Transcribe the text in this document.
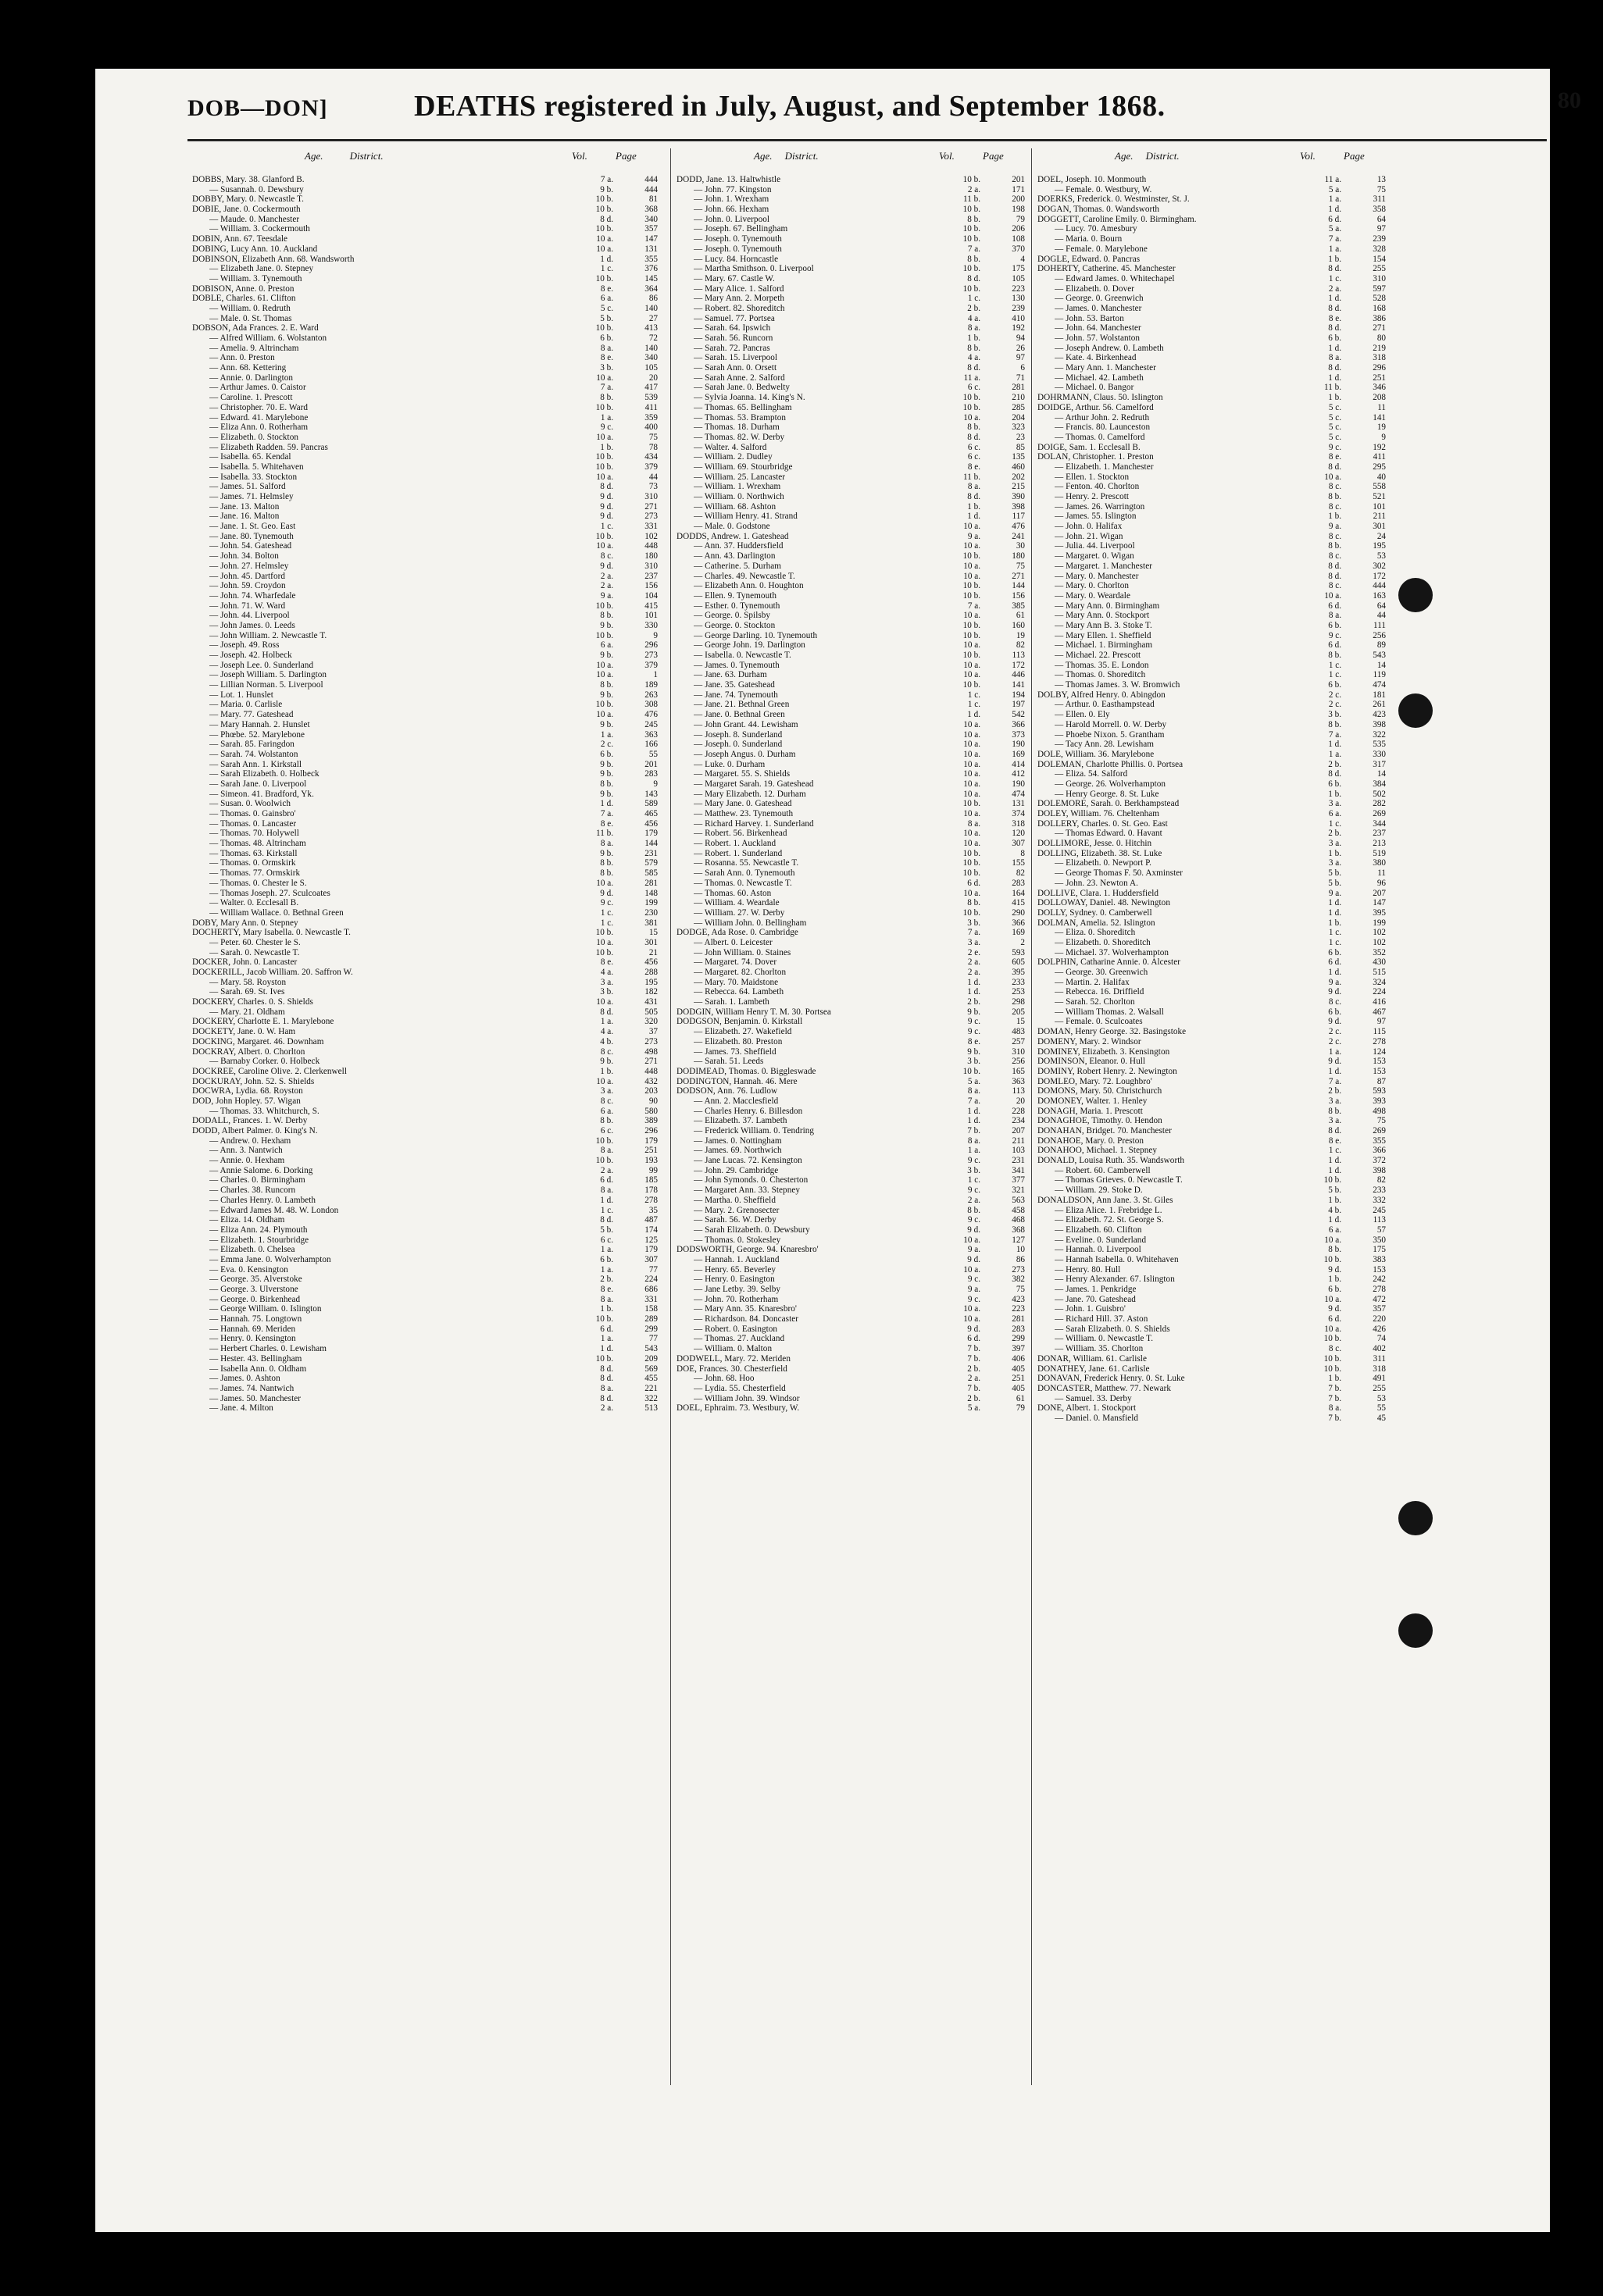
DOB—DON]	DEATHS registered in July, August, and September 1868.	80
Age.	District.	Vol.	Page
DOBBS, Mary. 38. Glanford B.	7 a.	444
— Susannah. 0. Dewsbury	9 b.	444
DOBBY, Mary. 0. Newcastle T.	10 b.	81
DOBIE, Jane. 0. Cockermouth	10 b.	368
— Maude. 0. Manchester	8 d.	340
— William. 3. Cockermouth	10 b.	357
DOBIN, Ann. 67. Teesdale	10 a.	147
DOBING, Lucy Ann. 10. Auckland	10 a.	131
DOBINSON, Elizabeth Ann. 68. Wandsworth	1 d.	355
— Elizabeth Jane. 0. Stepney	1 c.	376
— William. 3. Tynemouth	10 b.	145
DOBISON, Anne. 0. Preston	8 e.	364
DOBLE, Charles. 61. Clifton	6 a.	86
— William. 0. Redruth	5 c.	140
— Male. 0. St. Thomas	5 b.	27
DOBSON, Ada Frances. 2. E. Ward	10 b.	413
— Alfred William. 6. Wolstanton	6 b.	72
— Amelia. 9. Altrincham	8 a.	140
— Ann. 0. Preston	8 e.	340
— Ann. 68. Kettering	3 b.	105
— Annie. 0. Darlington	10 a.	20
— Arthur James. 0. Caistor	7 a.	417
— Caroline. 1. Prescott	8 b.	539
— Christopher. 70. E. Ward	10 b.	411
— Edward. 41. Marylebone	1 a.	359
— Eliza Ann. 0. Rotherham	9 c.	400
— Elizabeth. 0. Stockton	10 a.	75
— Elizabeth Radden. 59. Pancras	1 b.	78
— Isabella. 65. Kendal	10 b.	434
— Isabella. 5. Whitehaven	10 b.	379
— Isabella. 33. Stockton	10 a.	44
— James. 51. Salford	8 d.	73
— James. 71. Helmsley	9 d.	310
— Jane. 13. Malton	9 d.	271
— Jane. 16. Malton	9 d.	273
— Jane. 1. St. Geo. East	1 c.	331
— Jane. 80. Tynemouth	10 b.	102
— John. 54. Gateshead	10 a.	448
— John. 34. Bolton	8 c.	180
— John. 27. Helmsley	9 d.	310
— John. 45. Dartford	2 a.	237
— John. 59. Croydon	2 a.	156
— John. 74. Wharfedale	9 a.	104
— John. 71. W. Ward	10 b.	415
— John. 44. Liverpool	8 b.	101
— John James. 0. Leeds	9 b.	330
— John William. 2. Newcastle T.	10 b.	9
— Joseph. 49. Ross	6 a.	296
— Joseph. 42. Holbeck	9 b.	273
— Joseph Lee. 0. Sunderland	10 a.	379
— Joseph William. 5. Darlington	10 a.	1
— Lillian Norman. 5. Liverpool	8 b.	189
— Lot. 1. Hunslet	9 b.	263
— Maria. 0. Carlisle	10 b.	308
— Mary. 77. Gateshead	10 a.	476
— Mary Hannah. 2. Hunslet	9 b.	245
— Phœbe. 52. Marylebone	1 a.	363
— Sarah. 85. Faringdon	2 c.	166
— Sarah. 74. Wolstanton	6 b.	55
— Sarah Ann. 1. Kirkstall	9 b.	201
— Sarah Elizabeth. 0. Holbeck	9 b.	283
— Sarah Jane. 0. Liverpool	8 b.	9
— Simeon. 41. Bradford, Yk.	9 b.	143
— Susan. 0. Woolwich	1 d.	589
— Thomas. 0. Gainsbro'	7 a.	465
— Thomas. 0. Lancaster	8 e.	456
— Thomas. 70. Holywell	11 b.	179
— Thomas. 48. Altrincham	8 a.	144
— Thomas. 63. Kirkstall	9 b.	231
— Thomas. 0. Ormskirk	8 b.	579
— Thomas. 77. Ormskirk	8 b.	585
— Thomas. 0. Chester le S.	10 a.	281
— Thomas Joseph. 27. Sculcoates	9 d.	148
— Walter. 0. Ecclesall B.	9 c.	199
— William Wallace. 0. Bethnal Green	1 c.	230
DOBY, Mary Ann. 0. Stepney	1 c.	381
DOCHERTY, Mary Isabella. 0. Newcastle T.	10 b.	15
— Peter. 60. Chester le S.	10 a.	301
— Sarah. 0. Newcastle T.	10 b.	21
DOCKER, John. 0. Lancaster	8 e.	456
DOCKERILL, Jacob William. 20. Saffron W.	4 a.	288
— Mary. 58. Royston	3 a.	195
— Sarah. 69. St. Ives	3 b.	182
DOCKERY, Charles. 0. S. Shields	10 a.	431
— Mary. 21. Oldham	8 d.	505
DOCKERY, Charlotte E. 1. Marylebone	1 a.	320
DOCKETY, Jane. 0. W. Ham	4 a.	37
DOCKING, Margaret. 46. Downham	4 b.	273
DOCKRAY, Albert. 0. Chorlton	8 c.	498
— Barnaby Corker. 0. Holbeck	9 b.	271
DOCKREE, Caroline Olive. 2. Clerkenwell	1 b.	448
DOCKURAY, John. 52. S. Shields	10 a.	432
DOCWRA, Lydia. 68. Royston	3 a.	203
DOD, John Hopley. 57. Wigan	8 c.	90
— Thomas. 33. Whitchurch, S.	6 a.	580
DODALL, Frances. 1. W. Derby	8 b.	389
DODD, Albert Palmer. 0. King's N.	6 c.	296
— Andrew. 0. Hexham	10 b.	179
— Ann. 3. Nantwich	8 a.	251
— Annie. 0. Hexham	10 b.	193
— Annie Salome. 6. Dorking	2 a.	99
— Charles. 0. Birmingham	6 d.	185
— Charles. 38. Runcorn	8 a.	178
— Charles Henry. 0. Lambeth	1 d.	278
— Edward James M. 48. W. London	1 c.	35
— Eliza. 14. Oldham	8 d.	487
— Eliza Ann. 24. Plymouth	5 b.	174
— Elizabeth. 1. Stourbridge	6 c.	125
— Elizabeth. 0. Chelsea	1 a.	179
— Emma Jane. 0. Wolverhampton	6 b.	307
— Eva. 0. Kensington	1 a.	77
— George. 35. Alverstoke	2 b.	224
— George. 3. Ulverstone	8 e.	686
— George. 0. Birkenhead	8 a.	331
— George William. 0. Islington	1 b.	158
— Hannah. 75. Longtown	10 b.	289
— Hannah. 69. Meriden	6 d.	299
— Henry. 0. Kensington	1 a.	77
— Herbert Charles. 0. Lewisham	1 d.	543
— Hester. 43. Bellingham	10 b.	209
— Isabella Ann. 0. Oldham	8 d.	569
— James. 0. Ashton	8 d.	455
— James. 74. Nantwich	8 a.	221
— James. 50. Manchester	8 d.	322
— Jane. 4. Milton	2 a.	513
Age. District.	Vol.	Page
DODD, Jane. 13. Haltwhistle	10 b.	201
— John. 77. Kingston	2 a.	171
— John. 1. Wrexham	11 b.	200
— John. 66. Hexham	10 b.	198
— John. 0. Liverpool	8 b.	79
— Joseph. 67. Bellingham	10 b.	206
— Joseph. 0. Tynemouth	10 b.	108
— Joseph. 0. Tynemouth	7 a.	370
— Lucy. 84. Horncastle	8 b.	4
— Martha Smithson. 0. Liverpool	10 b.	175
— Mary. 67. Castle W.	8 d.	105
— Mary Alice. 1. Salford	10 b.	223
— Mary Ann. 2. Morpeth	1 c.	130
— Robert. 82. Shoreditch	2 b.	239
— Samuel. 77. Portsea	4 a.	410
— Sarah. 64. Ipswich	8 a.	192
— Sarah. 56. Runcorn	1 b.	94
— Sarah. 72. Pancras	8 b.	26
— Sarah. 15. Liverpool	4 a.	97
— Sarah Ann. 0. Orsett	8 d.	6
— Sarah Anne. 2. Salford	11 a.	71
— Sarah Jane. 0. Bedwelty	6 c.	281
— Sylvia Joanna. 14. King's N.	10 b.	210
— Thomas. 65. Bellingham	10 b.	285
— Thomas. 53. Brampton	10 a.	204
— Thomas. 18. Durham	8 b.	323
— Thomas. 82. W. Derby	8 d.	23
— Walter. 4. Salford	6 c.	85
— William. 2. Dudley	6 c.	135
— William. 69. Stourbridge	8 e.	460
— William. 25. Lancaster	11 b.	202
— William. 1. Wrexham	8 a.	215
— William. 0. Northwich	8 d.	390
— William. 68. Ashton	1 b.	398
— William Henry. 41. Strand	1 d.	117
— Male. 0. Godstone	10 a.	476
DODDS, Andrew. 1. Gateshead	9 a.	241
— Ann. 37. Huddersfield	10 a.	30
— Ann. 43. Darlington	10 b.	180
— Catherine. 5. Durham	10 a.	75
— Charles. 49. Newcastle T.	10 a.	271
— Elizabeth Ann. 0. Houghton	10 b.	144
— Ellen. 9. Tynemouth	10 b.	156
— Esther. 0. Tynemouth	7 a.	385
— George. 0. Spilsby	10 a.	61
— George. 0. Stockton	10 b.	160
— George Darling. 10. Tynemouth	10 b.	19
— George John. 19. Darlington	10 a.	82
— Isabella. 0. Newcastle T.	10 b.	113
— James. 0. Tynemouth	10 a.	172
— Jane. 63. Durham	10 a.	446
— Jane. 35. Gateshead	10 b.	141
— Jane. 74. Tynemouth	1 c.	194
— Jane. 21. Bethnal Green	1 c.	197
— Jane. 0. Bethnal Green	1 d.	542
— John Grant. 44. Lewisham	10 a.	366
— Joseph. 8. Sunderland	10 a.	373
— Joseph. 0. Sunderland	10 a.	190
— Joseph Angus. 0. Durham	10 a.	169
— Luke. 0. Durham	10 a.	414
— Margaret. 55. S. Shields	10 a.	412
— Margaret Sarah. 19. Gateshead	10 a.	190
— Mary Elizabeth. 12. Durham	10 a.	474
— Mary Jane. 0. Gateshead	10 b.	131
— Matthew. 23. Tynemouth	10 a.	374
— Richard Harvey. 1. Sunderland	8 a.	318
— Robert. 56. Birkenhead	10 a.	120
— Robert. 1. Auckland	10 a.	307
— Robert. 1. Sunderland	10 b.	8
— Rosanna. 55. Newcastle T.	10 b.	155
— Sarah Ann. 0. Tynemouth	10 b.	82
— Thomas. 0. Newcastle T.	6 d.	283
— Thomas. 60. Aston	10 a.	164
— William. 4. Weardale	8 b.	415
— William. 27. W. Derby	10 b.	290
— William John. 0. Bellingham	3 b.	366
DODGE, Ada Rose. 0. Cambridge	7 a.	169
— Albert. 0. Leicester	3 a.	2
— John William. 0. Staines	2 e.	593
— Margaret. 74. Dover	2 a.	605
— Margaret. 82. Chorlton	2 a.	395
— Mary. 70. Maidstone	1 d.	233
— Rebecca. 64. Lambeth	1 d.	253
— Sarah. 1. Lambeth	2 b.	298
DODGIN, William Henry T. M. 30. Portsea	9 b.	205
DODGSON, Benjamin. 0. Kirkstall	9 c.	15
— Elizabeth. 27. Wakefield	9 c.	483
— Elizabeth. 80. Preston	8 e.	257
— James. 73. Sheffield	9 b.	310
— Sarah. 51. Leeds	3 b.	256
DODIMEAD, Thomas. 0. Biggleswade	10 b.	165
DODINGTON, Hannah. 46. Mere	5 a.	363
DODSON, Ann. 76. Ludlow	8 a.	113
— Ann. 2. Macclesfield	7 a.	20
— Charles Henry. 6. Billesdon	1 d.	228
— Elizabeth. 37. Lambeth	1 d.	234
— Frederick William. 0. Tendring	7 b.	207
— James. 0. Nottingham	8 a.	211
— James. 69. Northwich	1 a.	103
— Jane Lucas. 72. Kensington	9 c.	231
— John. 29. Cambridge	3 b.	341
— John Symonds. 0. Chesterton	1 c.	377
— Margaret Ann. 33. Stepney	9 c.	321
— Martha. 0. Sheffield	2 a.	563
— Mary. 2. Grenosecter	8 b.	458
— Sarah. 56. W. Derby	9 c.	468
— Sarah Elizabeth. 0. Dewsbury	9 d.	368
— Thomas. 0. Stokesley	10 a.	127
DODSWORTH, George. 94. Knaresbro'	9 a.	10
— Hannah. 1. Auckland	9 d.	86
— Henry. 65. Beverley	10 a.	273
— Henry. 0. Easington	9 c.	382
— Jane Letby. 39. Selby	9 a.	75
— John. 70. Rotherham	9 c.	423
— Mary Ann. 35. Knaresbro'	10 a.	223
— Richardson. 84. Doncaster	10 a.	281
— Robert. 0. Easington	9 d.	283
— Thomas. 27. Auckland	6 d.	299
— William. 0. Malton	7 b.	397
DODWELL, Mary. 72. Meriden	7 b.	406
DOE, Frances. 30. Chesterfield	2 b.	405
— John. 68. Hoo	2 a.	251
— Lydia. 55. Chesterfield	7 b.	405
— William John. 39. Windsor	2 b.	61
DOEL, Ephraim. 73. Westbury, W.	5 a.	79
Age. District.	Vol.	Page
DOEL, Joseph. 10. Monmouth	11 a.	13
— Female. 0. Westbury, W.	5 a.	75
DOERKS, Frederick. 0. Westminster, St. J.	1 a.	311
DOGAN, Thomas. 0. Wandsworth	1 d.	358
DOGGETT, Caroline Emily. 0. Birmingham.	6 d.	64
— Lucy. 70. Amesbury	5 a.	97
— Maria. 0. Bourn	7 a.	239
— Female. 0. Marylebone	1 a.	328
DOGLE, Edward. 0. Pancras	1 b.	154
DOHERTY, Catherine. 45. Manchester	8 d.	255
— Edward James. 0. Whitechapel	1 c.	310
— Elizabeth. 0. Dover	2 a.	597
— George. 0. Greenwich	1 d.	528
— James. 0. Manchester	8 d.	168
— John. 53. Barton	8 e.	386
— John. 64. Manchester	8 d.	271
— John. 57. Wolstanton	6 b.	80
— Joseph Andrew. 0. Lambeth	1 d.	219
— Kate. 4. Birkenhead	8 a.	318
— Mary Ann. 1. Manchester	8 d.	296
— Michael. 42. Lambeth	1 d.	251
— Michael. 0. Bangor	11 b.	346
DOHRMANN, Claus. 50. Islington	1 b.	208
DOIDGE, Arthur. 56. Camelford	5 c.	11
— Arthur John. 2. Redruth	5 c.	141
— Francis. 80. Launceston	5 c.	19
— Thomas. 0. Camelford	5 c.	9
DOIGE, Sam. 1. Ecclesall B.	9 c.	192
DOLAN, Christopher. 1. Preston	8 e.	411
— Elizabeth. 1. Manchester	8 d.	295
— Ellen. 1. Stockton	10 a.	40
— Fenton. 40. Chorlton	8 c.	558
— Henry. 2. Prescott	8 b.	521
— James. 26. Warrington	8 c.	101
— James. 55. Islington	1 b.	211
— John. 0. Halifax	9 a.	301
— John. 21. Wigan	8 c.	24
— Julia. 44. Liverpool	8 b.	195
— Margaret. 0. Wigan	8 c.	53
— Margaret. 1. Manchester	8 d.	302
— Mary. 0. Manchester	8 d.	172
— Mary. 0. Chorlton	8 c.	444
— Mary. 0. Weardale	10 a.	163
— Mary Ann. 0. Birmingham	6 d.	64
— Mary Ann. 0. Stockport	8 a.	44
— Mary Ann B. 3. Stoke T.	6 b.	111
— Mary Ellen. 1. Sheffield	9 c.	256
— Michael. 1. Birmingham	6 d.	89
— Michael. 22. Prescott	8 b.	543
— Thomas. 35. E. London	1 c.	14
— Thomas. 0. Shoreditch	1 c.	119
— Thomas James. 3. W. Bromwich	6 b.	474
DOLBY, Alfred Henry. 0. Abingdon	2 c.	181
— Arthur. 0. Easthampstead	2 c.	261
— Ellen. 0. Ely	3 b.	423
— Harold Morrell. 0. W. Derby	8 b.	398
— Phoebe Nixon. 5. Grantham	7 a.	322
— Tacy Ann. 28. Lewisham	1 d.	535
DOLE, William. 36. Marylebone	1 a.	330
DOLEMAN, Charlotte Phillis. 0. Portsea	2 b.	317
— Eliza. 54. Salford	8 d.	14
— George. 26. Wolverhampton	6 b.	384
— Henry George. 8. St. Luke	1 b.	502
DOLEMORE, Sarah. 0. Berkhampstead	3 a.	282
DOLEY, William. 76. Cheltenham	6 a.	269
DOLLERY, Charles. 0. St. Geo. East	1 c.	344
— Thomas Edward. 0. Havant	2 b.	237
DOLLIMORE, Jesse. 0. Hitchin	3 a.	213
DOLLING, Elizabeth. 38. St. Luke	1 b.	519
— Elizabeth. 0. Newport P.	3 a.	380
— George Thomas F. 50. Axminster	5 b.	11
— John. 23. Newton A.	5 b.	96
DOLLIVE, Clara. 1. Huddersfield	9 a.	207
DOLLOWAY, Daniel. 48. Newington	1 d.	147
DOLLY, Sydney. 0. Camberwell	1 d.	395
DOLMAN, Amelia. 52. Islington	1 b.	199
— Eliza. 0. Shoreditch	1 c.	102
— Elizabeth. 0. Shoreditch	1 c.	102
— Michael. 37. Wolverhampton	6 b.	352
DOLPHIN, Catharine Annie. 0. Alcester	6 d.	430
— George. 30. Greenwich	1 d.	515
— Martin. 2. Halifax	9 a.	324
— Rebecca. 16. Driffield	9 d.	224
— Sarah. 52. Chorlton	8 c.	416
— William Thomas. 2. Walsall	6 b.	467
— Female. 0. Sculcoates	9 d.	97
DOMAN, Henry George. 32. Basingstoke	2 c.	115
DOMENY, Mary. 2. Windsor	2 c.	278
DOMINEY, Elizabeth. 3. Kensington	1 a.	124
DOMINSON, Eleanor. 0. Hull	9 d.	153
DOMINY, Robert Henry. 2. Newington	1 d.	153
DOMLEO, Mary. 72. Loughbro'	7 a.	87
DOMONS, Mary. 50. Christchurch	2 b.	593
DOMONEY, Walter. 1. Henley	3 a.	393
DONAGH, Maria. 1. Prescott	8 b.	498
DONAGHOE, Timothy. 0. Hendon	3 a.	75
DONAHAN, Bridget. 70. Manchester	8 d.	269
DONAHOE, Mary. 0. Preston	8 e.	355
DONAHOO, Michael. 1. Stepney	1 c.	366
DONALD, Louisa Ruth. 35. Wandsworth	1 d.	372
— Robert. 60. Camberwell	1 d.	398
— Thomas Grieves. 0. Newcastle T.	10 b.	82
— William. 29. Stoke D.	5 b.	233
DONALDSON, Ann Jane. 3. St. Giles	1 b.	332
— Eliza Alice. 1. Frebridge L.	4 b.	245
— Elizabeth. 72. St. George S.	1 d.	113
— Elizabeth. 60. Clifton	6 a.	57
— Eveline. 0. Sunderland	10 a.	350
— Hannah. 0. Liverpool	8 b.	175
— Hannah Isabella. 0. Whitehaven	10 b.	383
— Henry. 80. Hull	9 d.	153
— Henry Alexander. 67. Islington	1 b.	242
— James. 1. Penkridge	6 b.	278
— Jane. 70. Gateshead	10 a.	472
— John. 1. Guisbro'	9 d.	357
— Richard Hill. 37. Aston	6 d.	220
— Sarah Elizabeth. 0. S. Shields	10 a.	426
— William. 0. Newcastle T.	10 b.	74
— William. 35. Chorlton	8 c.	402
DONAR, William. 61. Carlisle	10 b.	311
DONATHEY, Jane. 61. Carlisle	10 b.	318
DONAVAN, Frederick Henry. 0. St. Luke	1 b.	491
DONCASTER, Matthew. 77. Newark	7 b.	255
— Samuel. 33. Derby	7 b.	53
DONE, Albert. 1. Stockport	8 a.	55
— Daniel. 0. Mansfield	7 b.	45
